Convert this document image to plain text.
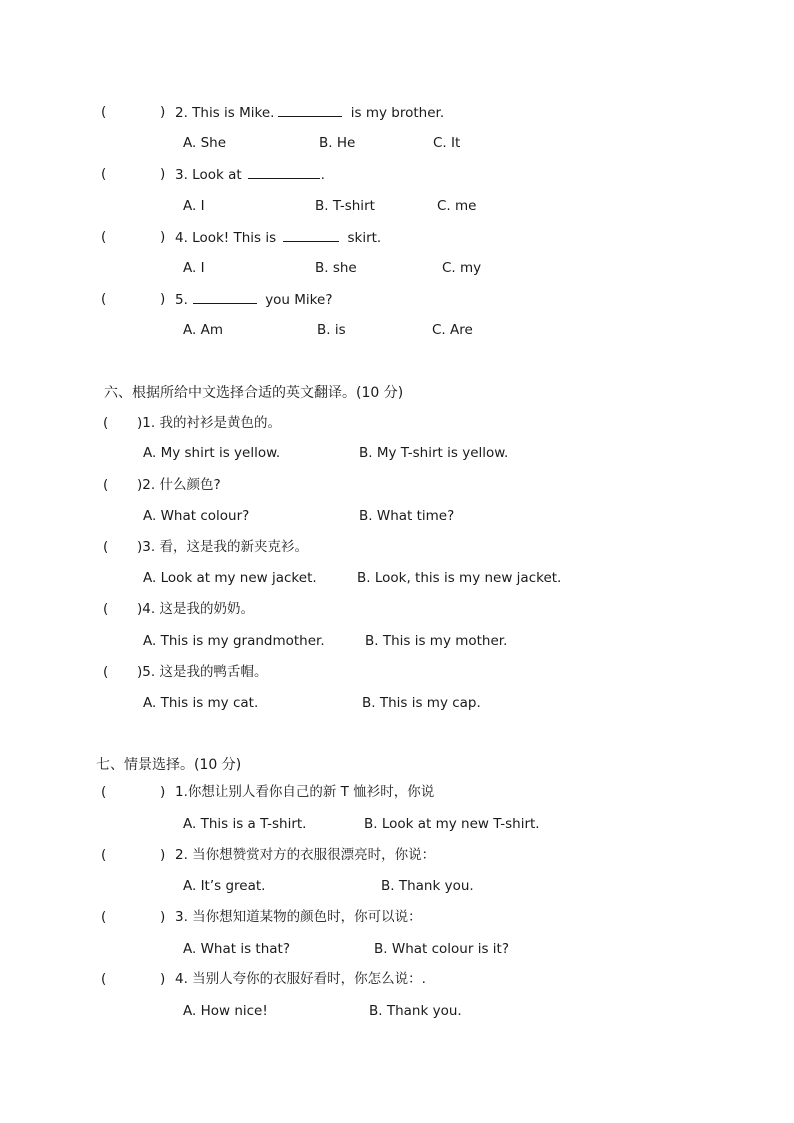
(	) 2. This is Mike.	is my brother.
A. She	B. He	C. It
(	) 3. Look at	.
A. I	B. T-shirt	C. me
(	) 4. Look! This is	skirt.
A. I	B. she	C. my
(	) 5.	you Mike?
A. Am	B. is	C. Are
六、根据所给中文选择合适的英文翻译。(10 分)
( )1. 我的衬衫是黄色的。
A. My shirt is yellow.	B. My T-shirt is yellow.
( )2. 什么颜色?
A. What colour?	B. What time?
( )3. 看，这是我的新夹克衫。
A. Look at my new jacket.	B. Look, this is my new jacket.
( )4. 这是我的奶奶。
A. This is my grandmother.	B. This is my mother.
( )5. 这是我的鸭舌帽。
A. This is my cat.	B. This is my cap.
七、情景选择。(10 分)
(	) 1.你想让别人看你自己的新 T 恤衫时，你说
A. This is a T-shirt.	B. Look at my new T-shirt.
(	) 2. 当你想赞赏对方的衣服很漂亮时，你说：
A. It’s great.	B. Thank you.
(	) 3. 当你想知道某物的颜色时，你可以说：
A. What is that?	B. What colour is it?
(	) 4. 当别人夸你的衣服好看时，你怎么说：.
A. How nice!	B. Thank you.
